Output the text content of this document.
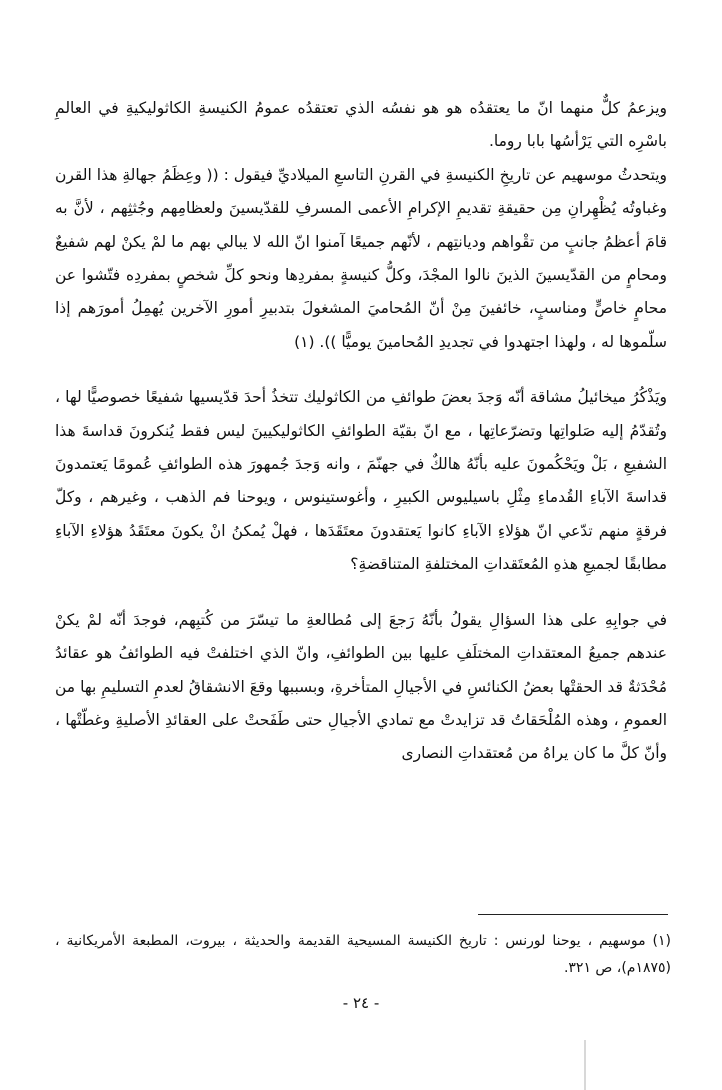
ويزعمُ كلٌّ منهما انّ ما يعتقدُه هو هو نفسُه الذي تعتقدُه عمومُ الكنيسةِ الكاثوليكيةِ في العالمِ باسْرِه التي يَرْأسُها بابا روما.

ويتحدثُ موسهيم عن تاريخِ الكنيسةِ في القرنِ التاسعِ الميلاديِّ فيقول : (( وعِظَمُ جهالةِ هذا القرن وغباوتُه يُظْهِرانِ مِن حقيقةِ تقديمِ الإكرامِ الأعمى المسرفِ للقدّيسينَ ولعظامِهم وجُثثِهم ، لأنَّ به قامَ أعظمُ جانبٍ من تقْواهم وديانتِهم ، لأنّهم جميعًا آمنوا انّ الله لا يبالي بهم ما لمْ يكنْ لهم شفيعٌ ومحامٍ من القدّيسينَ الذينَ نالوا المجْدَ، وكلُّ كنيسةٍ بمفردِها ونحو كلِّ شخصٍ بمفردِه فتّشوا عن محامٍ خاصٍّ ومناسبٍ، خائفينَ مِنْ أنّ المُحاميَ المشغولَ بتدبيرِ أمورِ الآخرين يُهمِلُ أمورَهم إذا سلّموها له ، ولهذا اجتهدوا في تجديدِ المُحامينَ يوميًّا )). (١)

ويَذْكُرُ ميخائيلُ مشاقة أنّه وَجدَ بعضَ طوائفِ من الكاثوليك تتخذُ أحدَ قدّيسيها شفيعًا خصوصيًّا لها ، وتُقدّمُ إليه صَلواتِها وتضرّعاتِها ، مع انّ بقيّة الطوائفِ الكاثوليكيينَ ليس فقط يُنكرونَ قداسةَ هذا الشفيعِ ، بَلْ ويَحْكُمونَ عليه بأنّهُ هالكٌ في جهنّمَ ، وانه وَجدَ جُمهورَ هذه الطوائفِ عُمومًا يَعتمدونَ قداسةَ الآباءِ القُدماءِ مِثْلِ باسيليوس الكبيرِ ، وأغوستينوس ، ويوحنا فم الذهب ، وغيرهم ، وكلّ فرقةٍ منهم تدّعي انّ هؤلاءِ الآباءِ كانوا يَعتقدونَ معتَقَدَها ، فهلْ يُمكنُ انْ يكونَ معتَقَدُ هؤلاءِ الآباءِ مطابقًا لجميعِ هذهِ المُعتَقداتِ المختلفةِ المتناقضةِ؟

في جوابِهِ على هذا السؤالِ يقولُ بأنّهُ رَجعَ إلى مُطالعةِ ما تيسّرَ من كُتبِهم، فوجدَ أنّه لمْ يكنْ عندهم جميعُ المعتقداتِ المختلَفِ عليها بين الطوائفِ، وانّ الذي اختلفتْ فيه الطوائفُ هو عقائدُ مُحْدَثةٌ قد الحقتْها بعضُ الكنائسِ في الأجيالِ المتأخرةِ، وبسببها وقعَ الانشقاقُ لعدمِ التسليمِ بها من العمومِ ، وهذه المُلْحَقاتُ قد تزايدتْ مع تمادي الأجيالِ حتى طَفَحتْ على العقائدِ الأصليةِ وغطّتْها ، وأنّ كلَّ ما كان يراهُ من مُعتقداتِ النصارى

(١) موسهيم ، يوحنا لورنس : تاريخ الكنيسة المسيحية القديمة والحديثة ، بيروت، المطبعة الأمريكانية ، (١٨٧٥م)، ص ٣٢١.

- ٢٤ -
